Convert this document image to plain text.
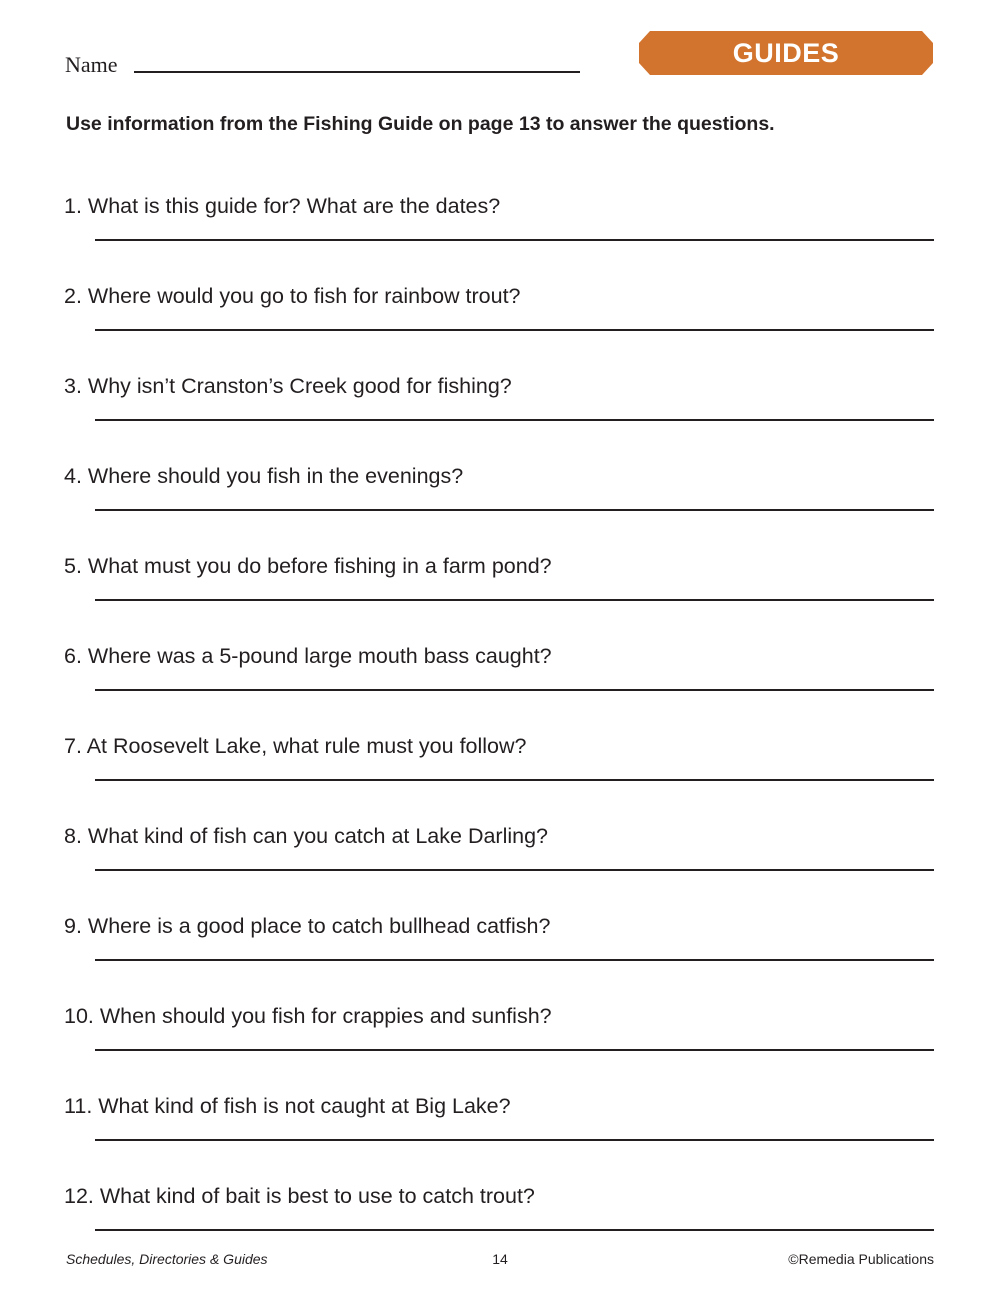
Name	GUIDES
Use information from the Fishing Guide on page 13 to answer the questions.
1. What is this guide for? What are the dates?
2. Where would you go to fish for rainbow trout?
3. Why isn’t Cranston’s Creek good for fishing?
4. Where should you fish in the evenings?
5. What must you do before fishing in a farm pond?
6. Where was a 5-pound large mouth bass caught?
7. At Roosevelt Lake, what rule must you follow?
8. What kind of fish can you catch at Lake Darling?
9. Where is a good place to catch bullhead catfish?
10. When should you fish for crappies and sunfish?
11. What kind of fish is not caught at Big Lake?
12. What kind of bait is best to use to catch trout?
Schedules, Directories & Guides	14	©Remedia Publications
